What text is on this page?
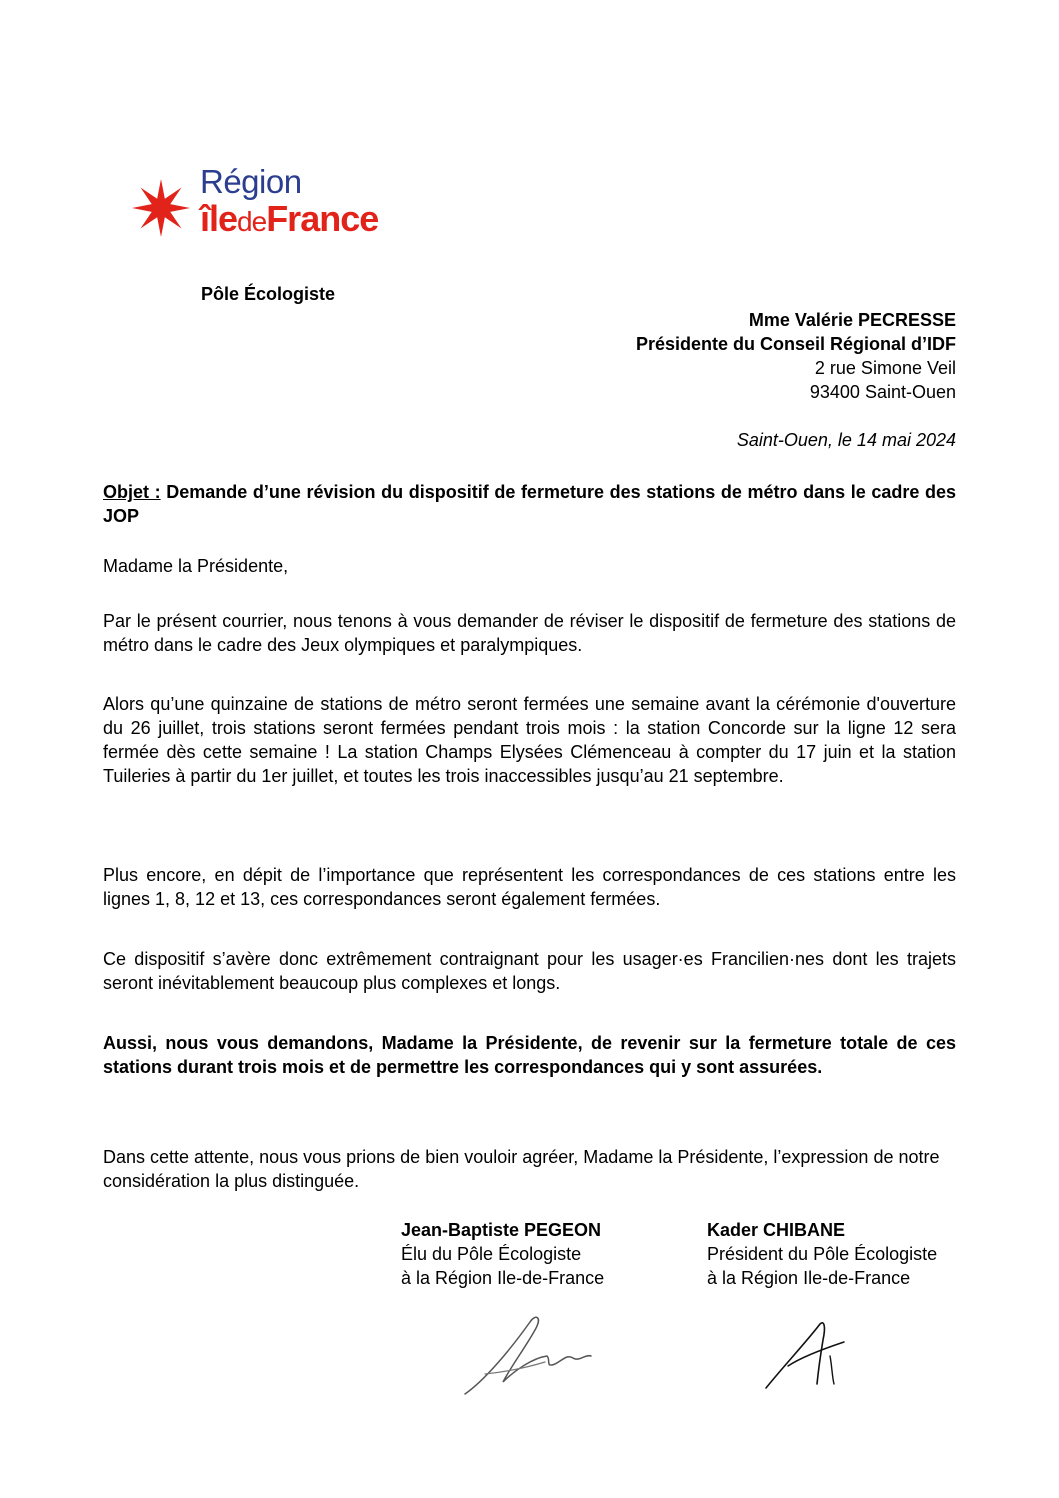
Région
îledeFrance
Pôle Écologiste
Mme Valérie PECRESSE
Présidente du Conseil Régional d’IDF
2 rue Simone Veil
93400 Saint-Ouen
Saint-Ouen, le 14 mai 2024
Objet : Demande d’une révision du dispositif de fermeture des stations de métro dans le cadre des JOP
Madame la Présidente,
Par le présent courrier, nous tenons à vous demander de réviser le dispositif de fermeture des stations de métro dans le cadre des Jeux olympiques et paralympiques.
Alors qu’une quinzaine de stations de métro seront fermées une semaine avant la cérémonie d'ouverture du 26 juillet, trois stations seront fermées pendant trois mois : la station Concorde sur la ligne 12 sera fermée dès cette semaine ! La station Champs Elysées Clémenceau à compter du 17 juin et la station Tuileries à partir du 1er juillet, et toutes les trois inaccessibles jusqu’au 21 septembre.
Plus encore, en dépit de l’importance que représentent les correspondances de ces stations entre les lignes 1, 8, 12 et 13, ces correspondances seront également fermées.
Ce dispositif s’avère donc extrêmement contraignant pour les usager·es Francilien·nes dont les trajets seront inévitablement beaucoup plus complexes et longs.
Aussi, nous vous demandons, Madame la Présidente, de revenir sur la fermeture totale de ces stations durant trois mois et de permettre les correspondances qui y sont assurées.
Dans cette attente, nous vous prions de bien vouloir agréer, Madame la Présidente, l’expression de notre considération la plus distinguée.
Jean-Baptiste PEGEON
Élu du Pôle Écologiste
à la Région Ile-de-France
Kader CHIBANE
Président du Pôle Écologiste
à la Région Ile-de-France
